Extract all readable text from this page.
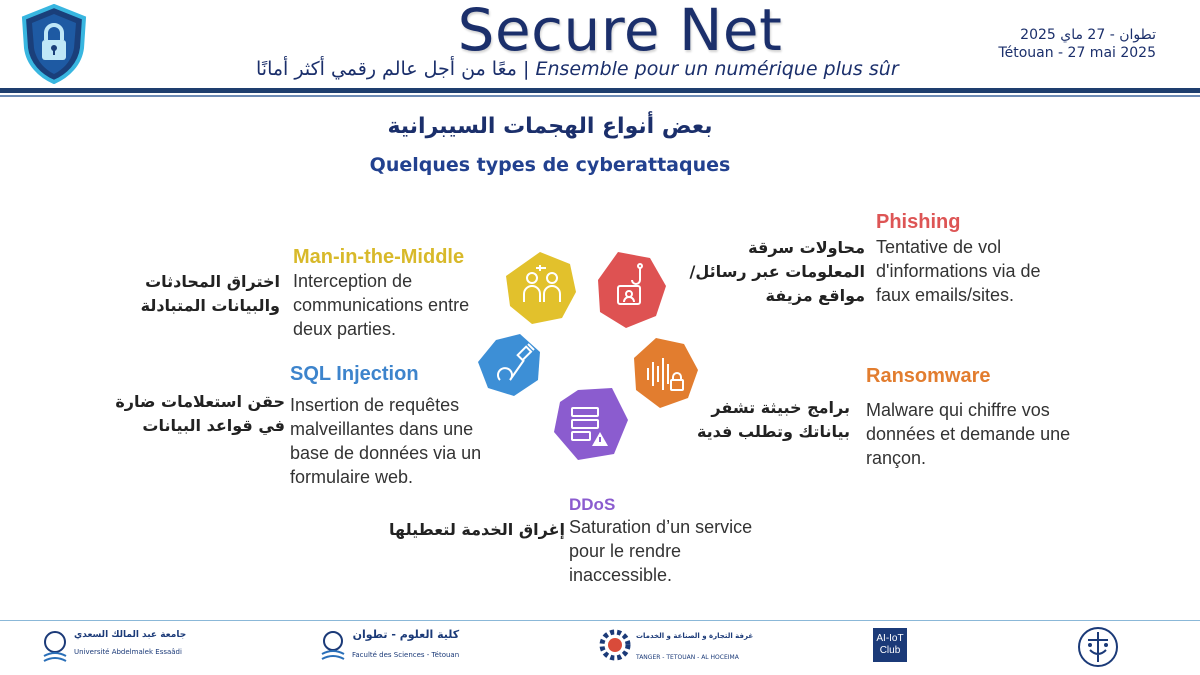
Secure Net
معًا من أجل عالم رقمي أكثر أمانًا | Ensemble pour un numérique plus sûr
تطوان - 27 ماي 2025
Tétouan - 27 mai 2025
بعض أنواع الهجمات السيبرانية
Quelques types de cyberattaques
Man-in-the-Middle
Interception de communications entre deux parties.
اختراق المحادثات والبيانات المتبادلة
Phishing
Tentative de vol d'informations via de faux emails/sites.
محاولات سرقة المعلومات عبر رسائل/مواقع مزيفة
SQL Injection
Insertion de requêtes malveillantes dans une base de données via un formulaire web.
حقن استعلامات ضارة في قواعد البيانات
Ransomware
Malware qui chiffre vos données et demande une rançon.
برامج خبيثة تشفر بياناتك وتطلب فدية
DDoS
Saturation d’un service pour le rendre inaccessible.
إغراق الخدمة لتعطيلها
جامعة عبد المالك السعدي
Université Abdelmalek Essaâdi
كلية العلوم - تطوان
Faculté des Sciences - Tétouan
غرفة التجارة و الصناعة و الخدمات
TANGER - TETOUAN - AL HOCEIMA
AI-IoT
Club
